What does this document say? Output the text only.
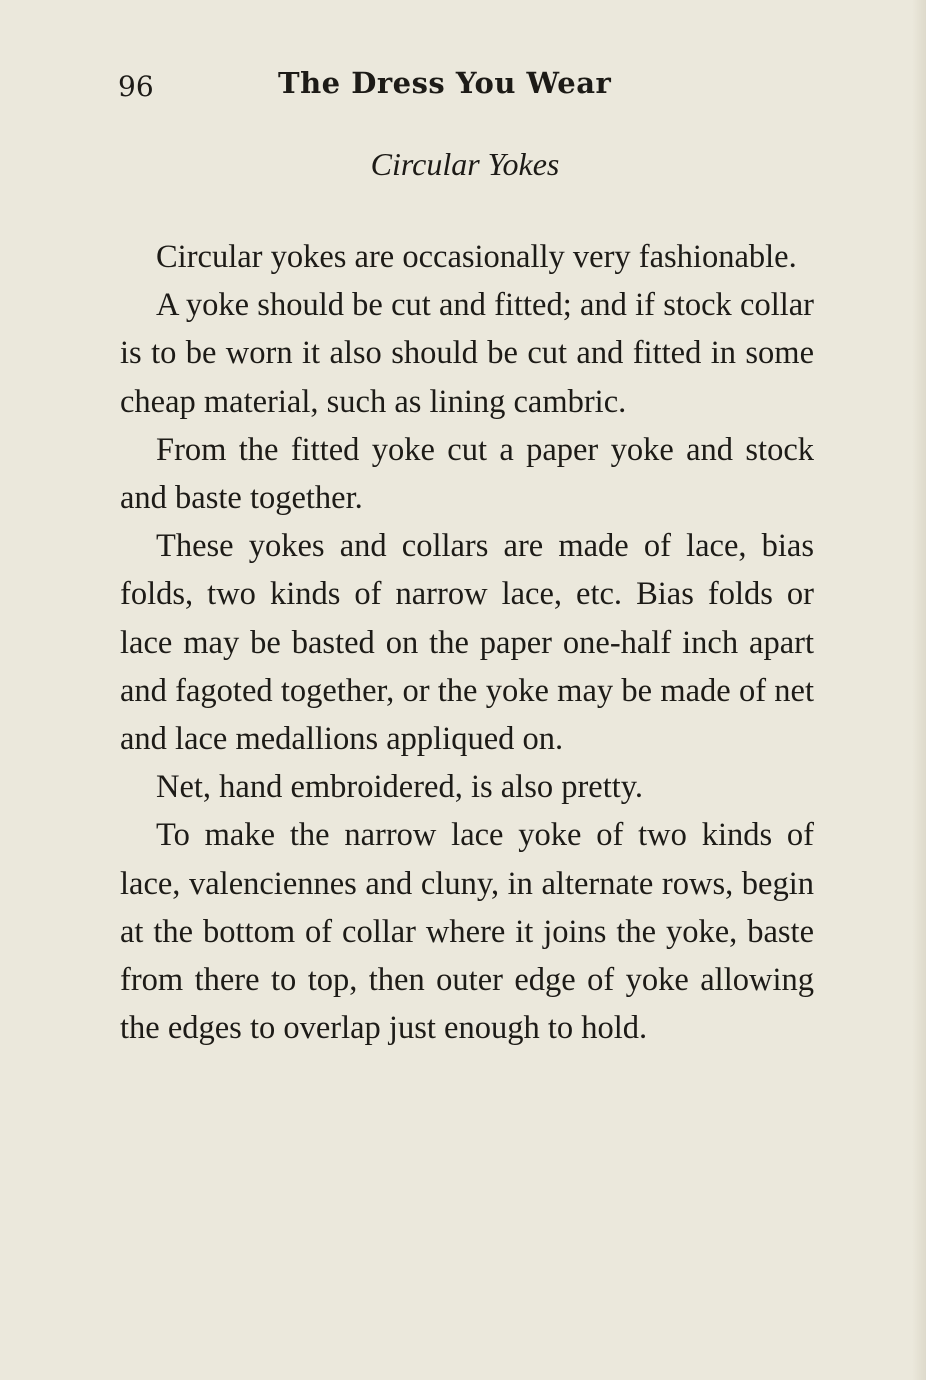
96	The Dress You Wear
Circular Yokes

Circular yokes are occasionally very fashionable.

A yoke should be cut and fitted; and if stock collar is to be worn it also should be cut and fitted in some cheap material, such as lining cambric.

From the fitted yoke cut a paper yoke and stock and baste together.

These yokes and collars are made of lace, bias folds, two kinds of narrow lace, etc. Bias folds or lace may be basted on the paper one-half inch apart and fagoted together, or the yoke may be made of net and lace medallions appliqued on.

Net, hand embroidered, is also pretty.

To make the narrow lace yoke of two kinds of lace, valenciennes and cluny, in alternate rows, begin at the bottom of collar where it joins the yoke, baste from there to top, then outer edge of yoke allowing the edges to overlap just enough to hold.
